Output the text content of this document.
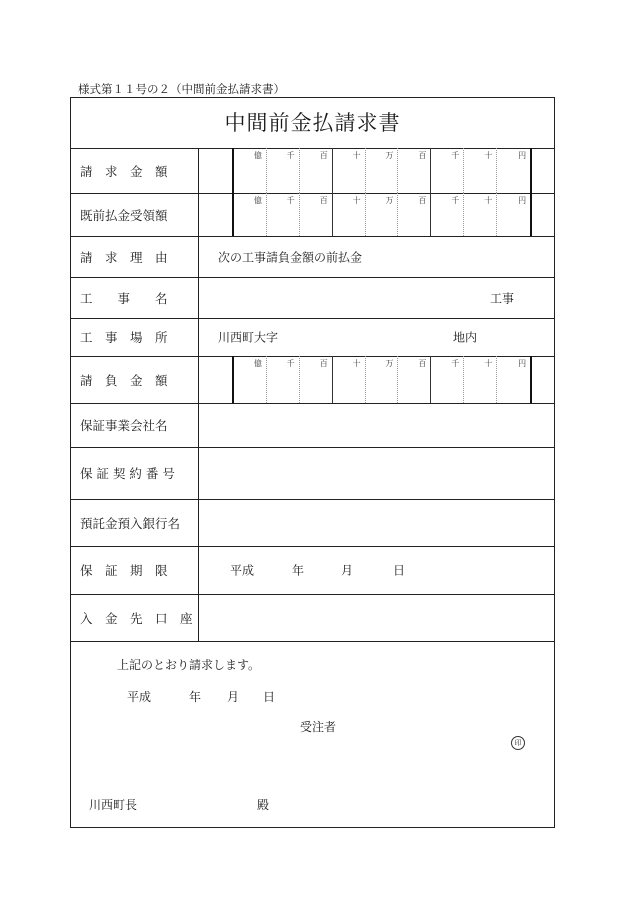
様式第１１号の２（中間前金払請求書）
中間前金払請求書
請　求　金　額
億	千	百	十	万	百	千	十	円
既前払金受領額
億	千	百	十	万	百	千	十	円
請　求　理　由	次の工事請負金額の前払金
工　　事　　名	工事
工　事　場　所	川西町大字	地内
請　負　金　額
億	千	百	十	万	百	千	十	円
保証事業会社名
保 証 契 約 番 号
預託金預入銀行名
保　証　期　限	平成	年	月	日
入　金　先　口　座
上記のとおり請求します。
平成	年 月 日
受注者
印
川西町長	殿
